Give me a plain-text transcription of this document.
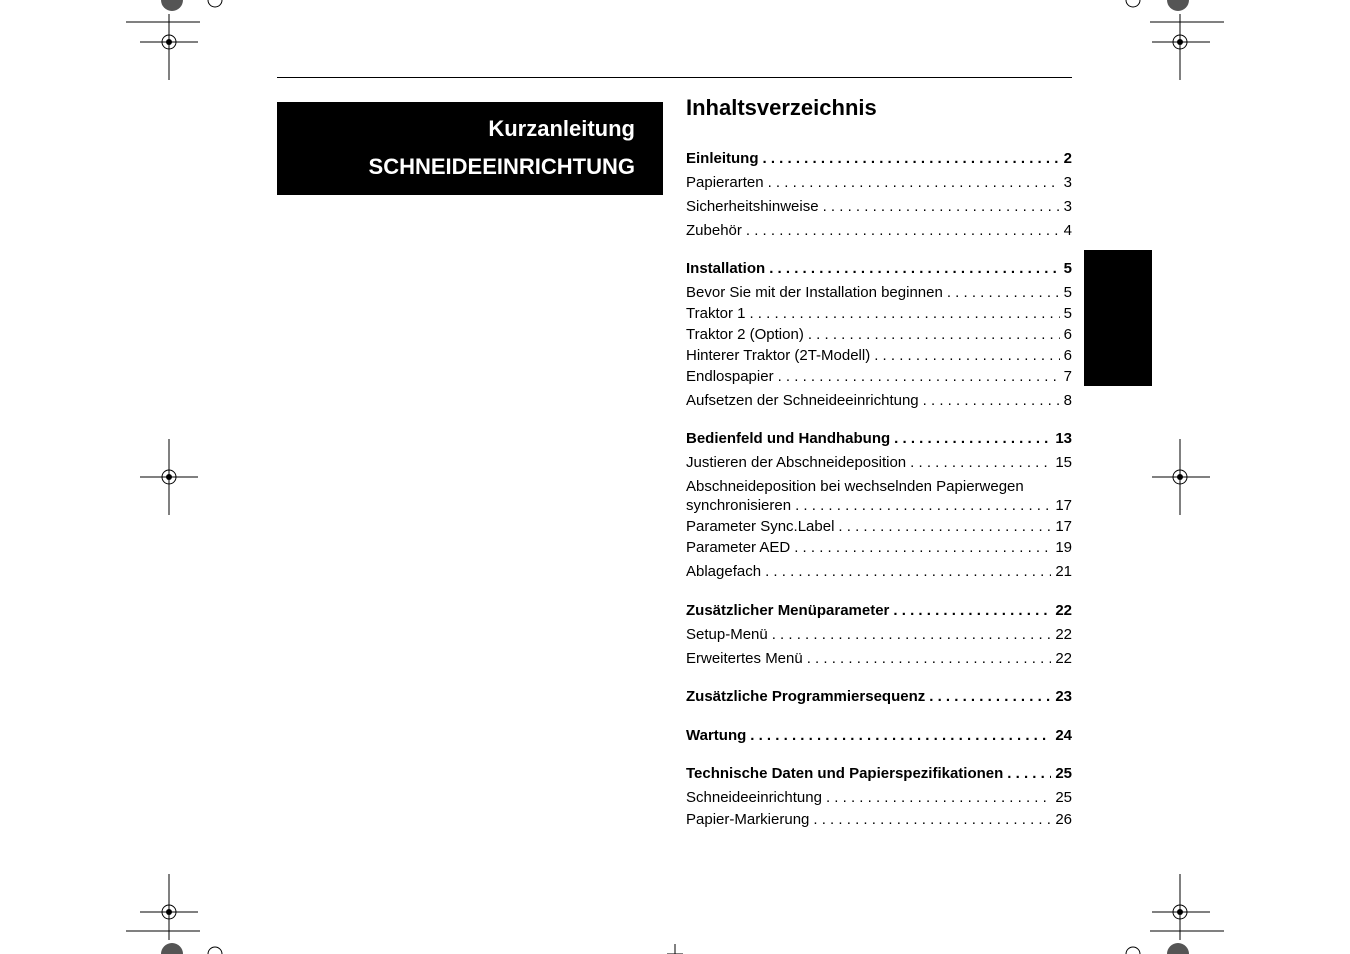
Kurzanleitung
SCHNEIDEEINRICHTUNG
Inhaltsverzeichnis
Einleitung . . .	2
Papierarten . . .	3
Sicherheitshinweise . . .	3
Zubehör . . .	4
Installation . . .	5
Bevor Sie mit der Installation beginnen . . .	5
Traktor 1 . . .	5
Traktor 2 (Option) . . .	6
Hinterer Traktor (2T-Modell) . . .	6
Endlospapier . . .	7
Aufsetzen der Schneideeinrichtung . . .	8
Bedienfeld und Handhabung . . .	13
Justieren der Abschneideposition . . .	15
Abschneideposition bei wechselnden Papierwegen
synchronisieren . . .	17
Parameter Sync.Label . . .	17
Parameter AED . . .	19
Ablagefach . . .	21
Zusätzlicher Menüparameter . . .	22
Setup-Menü . . .	22
Erweitertes Menü . . .	22
Zusätzliche Programmiersequenz . . .	23
Wartung . . .	24
Technische Daten und Papierspezifikationen . . .	25
Schneideeinrichtung . . .	25
Papier-Markierung . . .	26
